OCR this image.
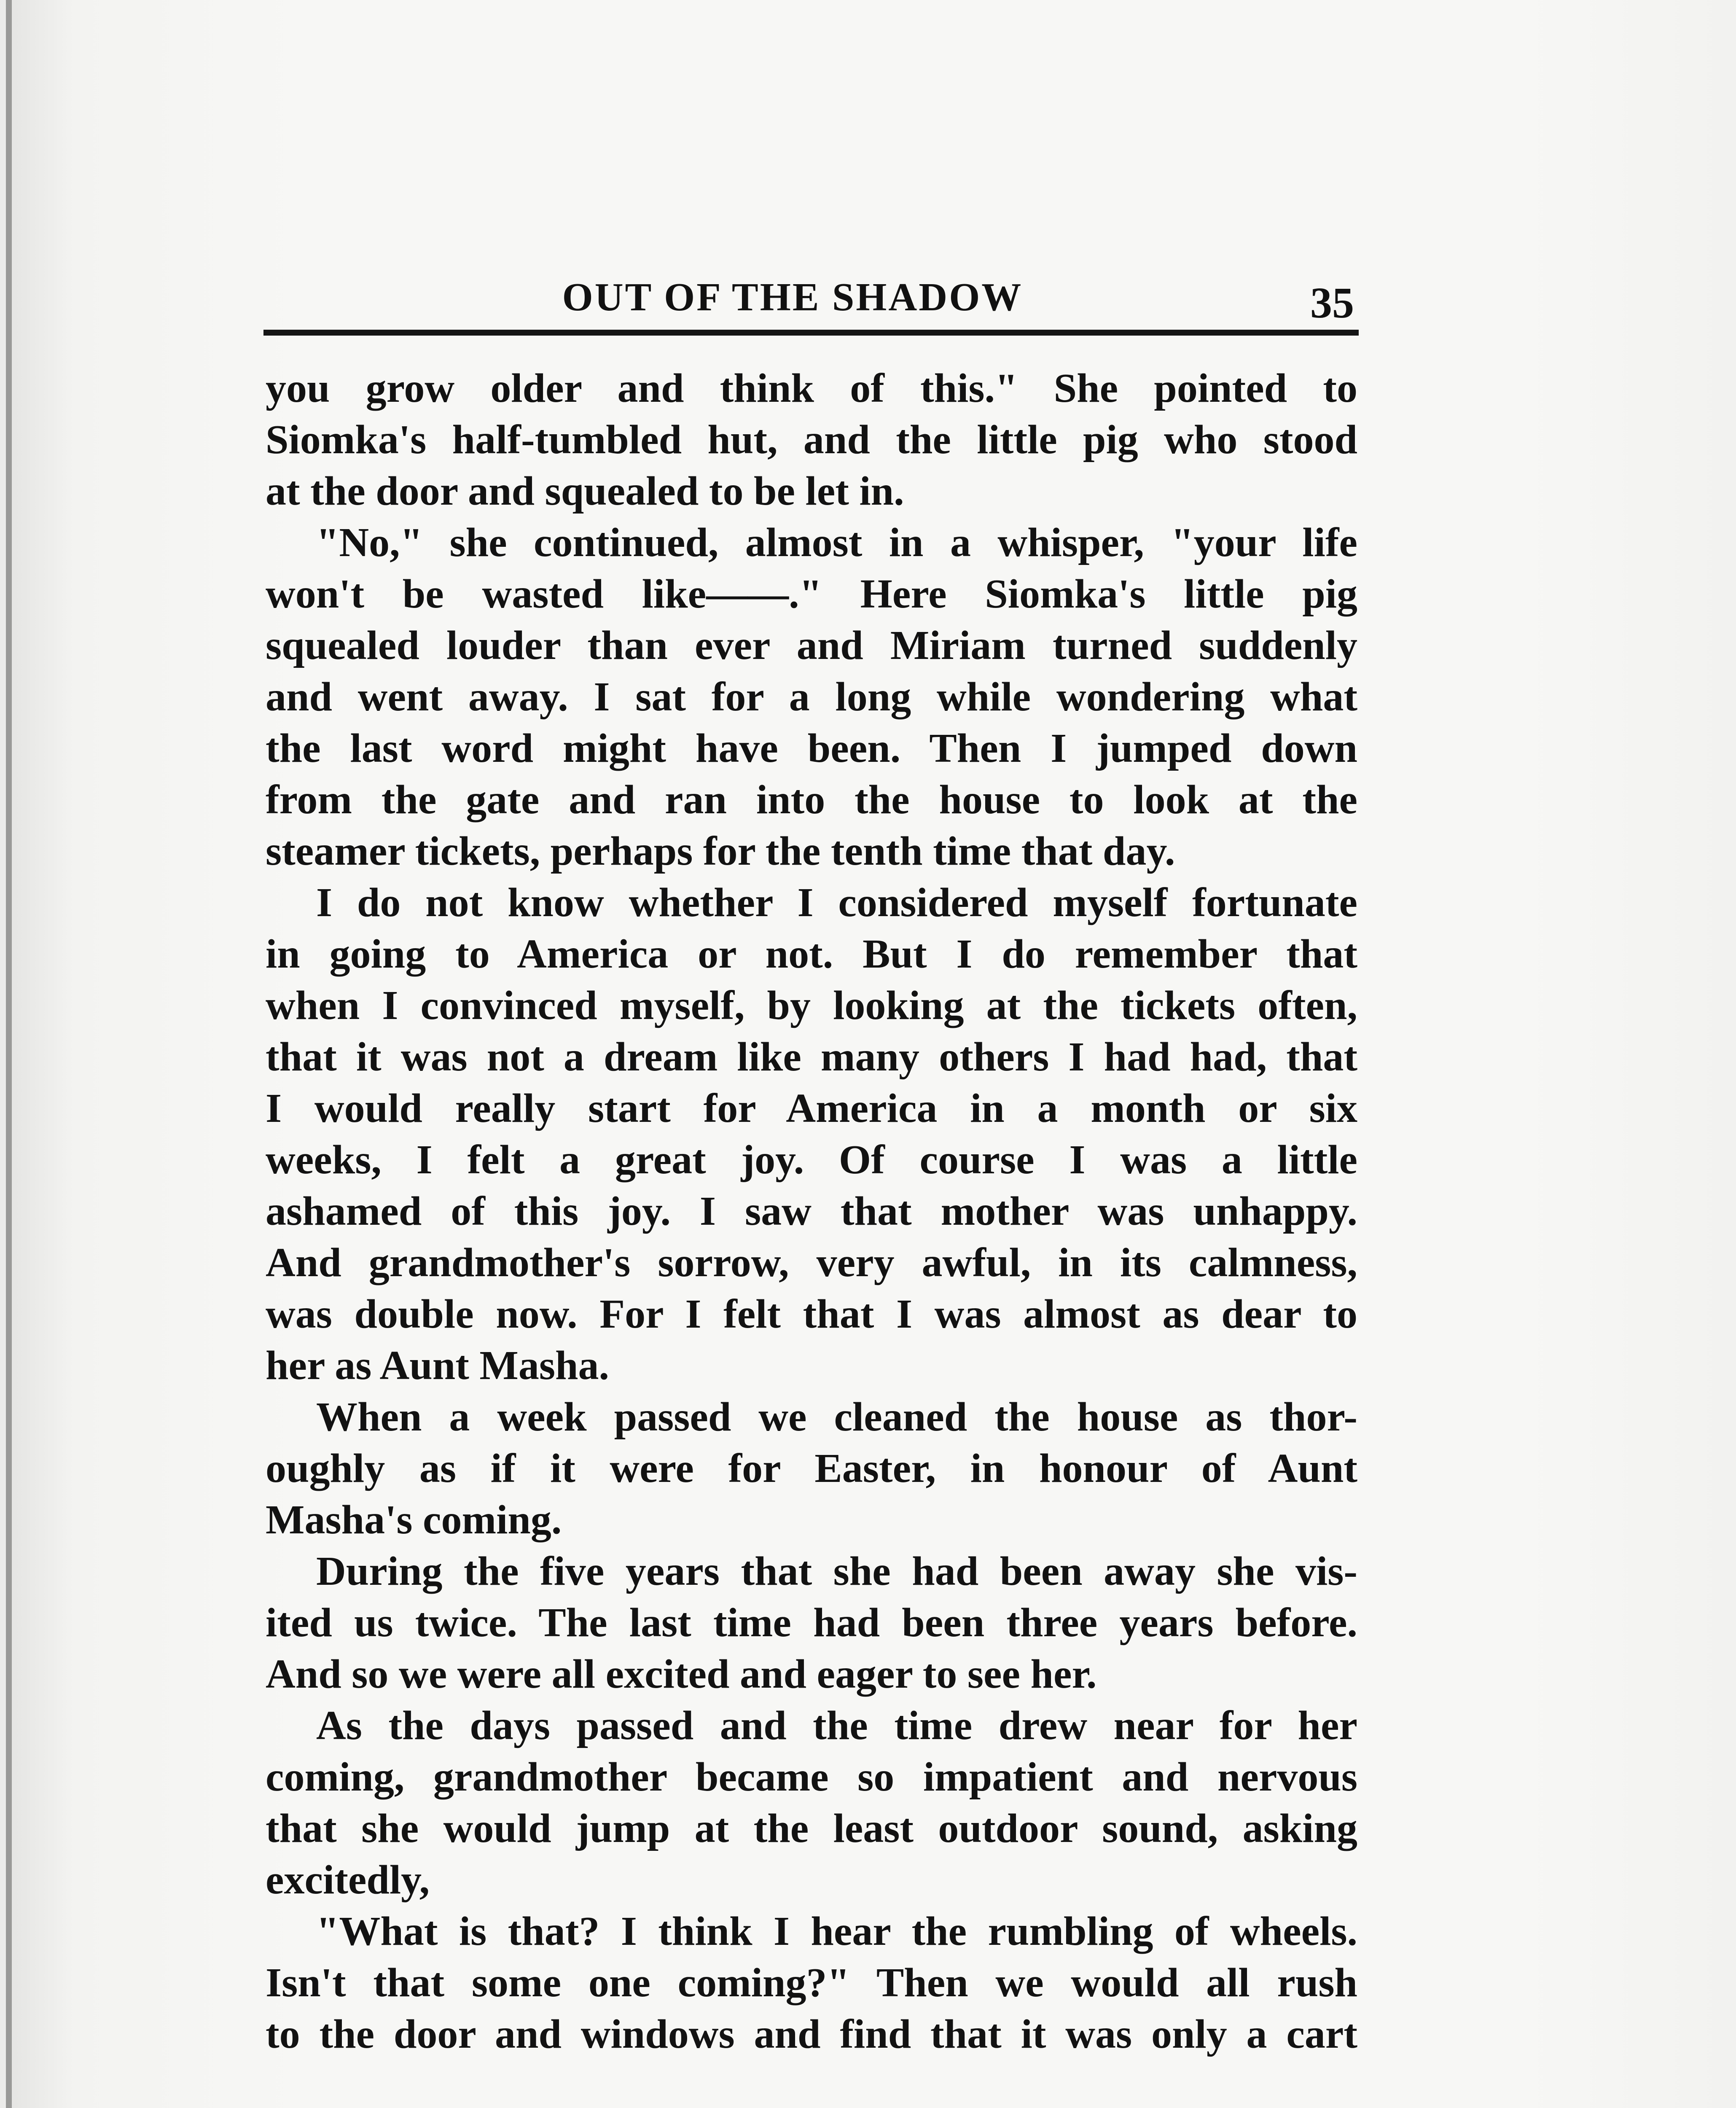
OUT OF THE SHADOW	35
you grow older and think of this." She pointed to
Siomka's half-tumbled hut, and the little pig who stood
at the door and squealed to be let in.
"No," she continued, almost in a whisper, "your life
won't be wasted like——." Here Siomka's little pig
squealed louder than ever and Miriam turned suddenly
and went away. I sat for a long while wondering what
the last word might have been. Then I jumped down
from the gate and ran into the house to look at the
steamer tickets, perhaps for the tenth time that day.
I do not know whether I considered myself fortunate
in going to America or not. But I do remember that
when I convinced myself, by looking at the tickets often,
that it was not a dream like many others I had had, that
I would really start for America in a month or six
weeks, I felt a great joy. Of course I was a little
ashamed of this joy. I saw that mother was unhappy.
And grandmother's sorrow, very awful, in its calmness,
was double now. For I felt that I was almost as dear to
her as Aunt Masha.
When a week passed we cleaned the house as thor-
oughly as if it were for Easter, in honour of Aunt
Masha's coming.
During the five years that she had been away she vis-
ited us twice. The last time had been three years before.
And so we were all excited and eager to see her.
As the days passed and the time drew near for her
coming, grandmother became so impatient and nervous
that she would jump at the least outdoor sound, asking
excitedly,
"What is that? I think I hear the rumbling of wheels.
Isn't that some one coming?" Then we would all rush
to the door and windows and find that it was only a cart
